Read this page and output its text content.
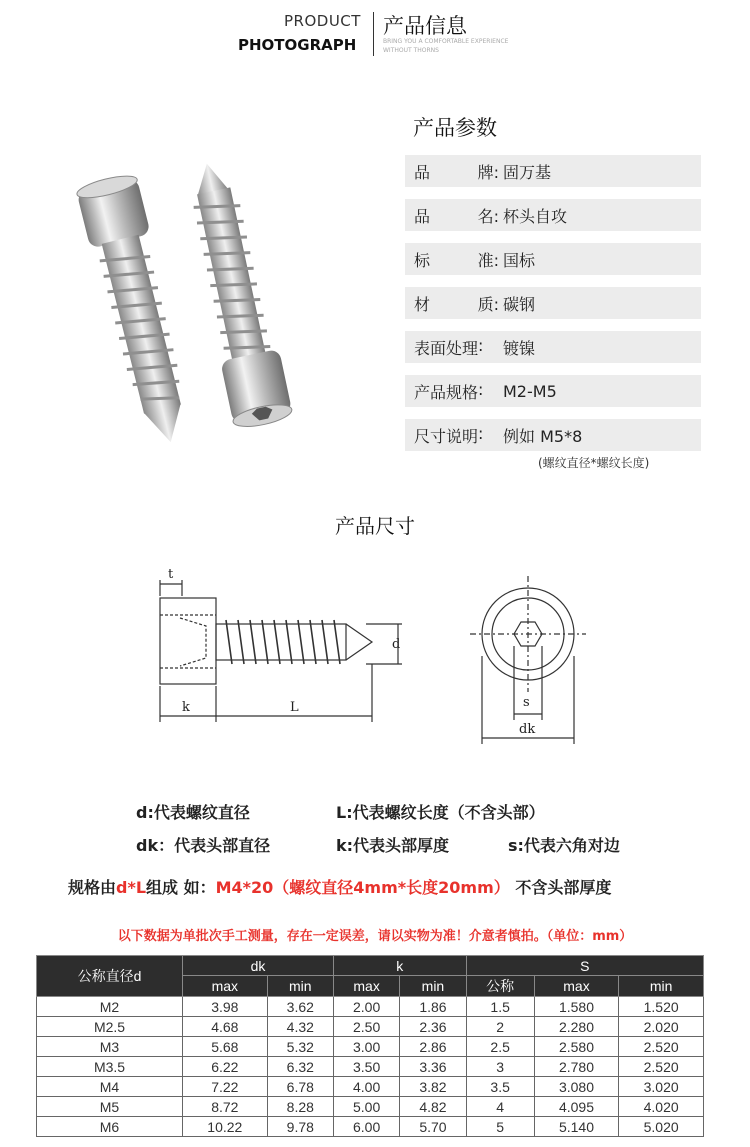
PRODUCT
PHOTOGRAPH
产品信息
BRING YOU A COMFORTABLE EXPERIENCE
WITHOUT THORNS
产品参数
品	牌: 固万基
品	名: 杯头自攻
标	准: 国标
材	质: 碳钢
表面处理 : 镀镍
产品规格 : M2-M5
尺寸说明 : 例如 M5*8
(螺纹直径*螺纹长度)
产品尺寸
t
d
k	L	s
dk
d:代表螺纹直径	L:代表螺纹长度（不含头部）
dk：代表头部直径	k:代表头部厚度	s:代表六角对边
规格由d*L组成 如：M4*20（螺纹直径4mm*长度20mm） 不含头部厚度
以下数据为单批次手工测量，存在一定误差，请以实物为准！介意者慎拍。（单位：mm）
公称直径d	dk		k		S		
	max	min	max	min	公称	max	min
M2	3.98	3.62	2.00	1.86	1.5	1.580	1.520
M2.5	4.68	4.32	2.50	2.36	2	2.280	2.020
M3	5.68	5.32	3.00	2.86	2.5	2.580	2.520
M3.5	6.22	6.32	3.50	3.36	3	2.780	2.520
M4	7.22	6.78	4.00	3.82	3.5	3.080	3.020
M5	8.72	8.28	5.00	4.82	4	4.095	4.020
M6	10.22	9.78	6.00	5.70	5	5.140	5.020
